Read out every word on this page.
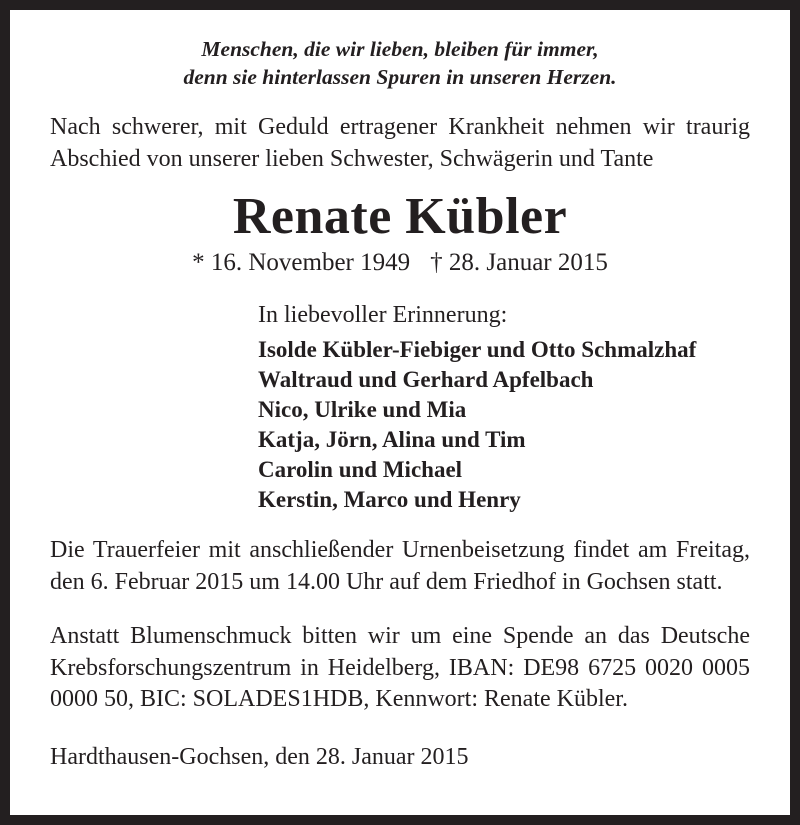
Menschen, die wir lieben, bleiben für immer,
denn sie hinterlassen Spuren in unseren Herzen.

Nach schwerer, mit Geduld ertragener Krankheit nehmen wir traurig Abschied von unserer lieben Schwester, Schwägerin und Tante

Renate Kübler
* 16. November 1949 † 28. Januar 2015

In liebevoller Erinnerung:

Isolde Kübler-Fiebiger und Otto Schmalzhaf

Waltraud und Gerhard Apfelbach

Nico, Ulrike und Mia

Katja, Jörn, Alina und Tim

Carolin und Michael

Kerstin, Marco und Henry

Die Trauerfeier mit anschließender Urnenbeisetzung findet am Freitag, den 6. Februar 2015 um 14.00 Uhr auf dem Friedhof in Gochsen statt.

Anstatt Blumenschmuck bitten wir um eine Spende an das Deutsche Krebsforschungszentrum in Heidelberg, IBAN: DE98 6725 0020 0005 0000 50, BIC: SOLADES1HDB, Kennwort: Renate Kübler.

Hardthausen-Gochsen, den 28. Januar 2015
